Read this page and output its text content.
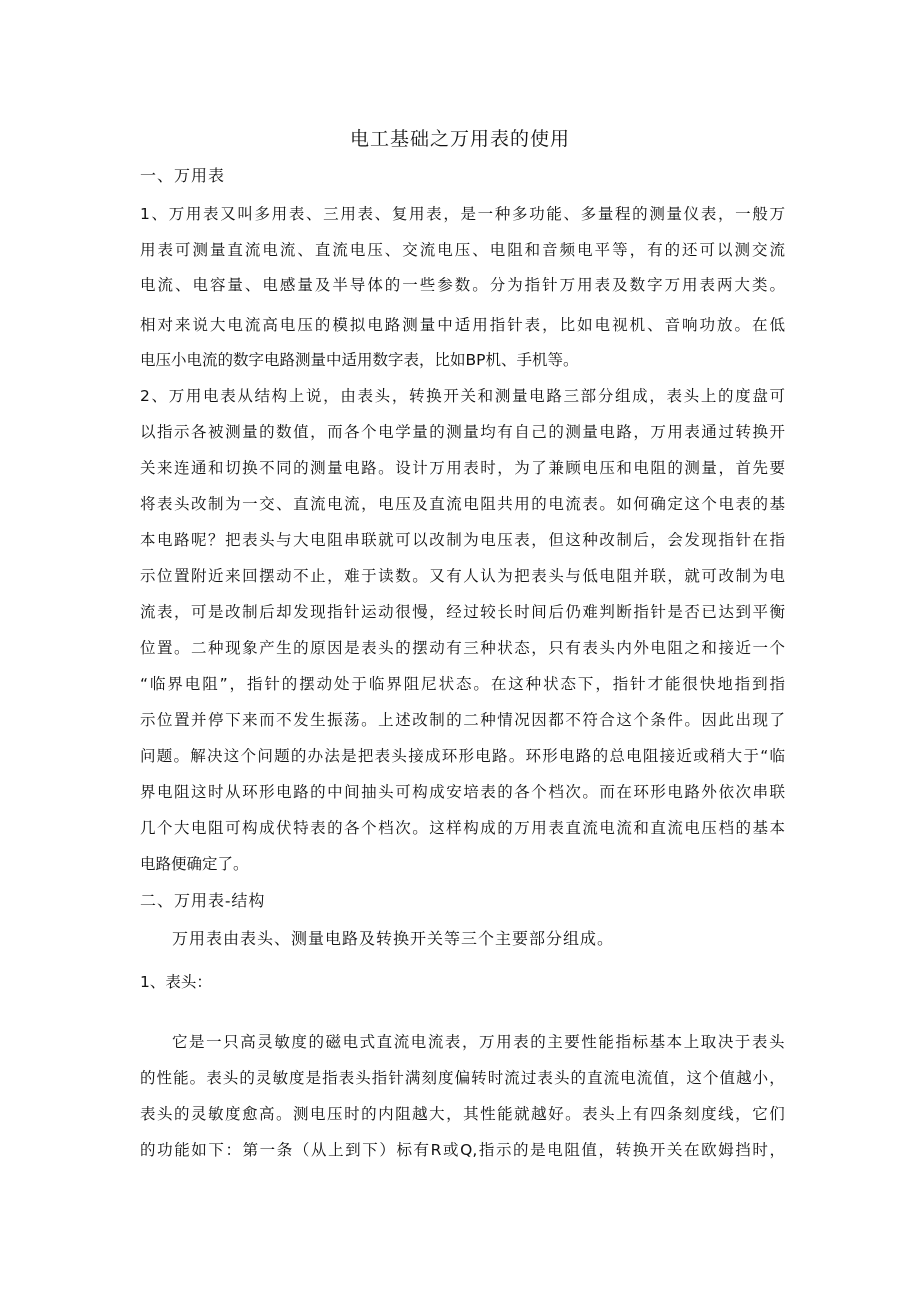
电工基础之万用表的使用
一、万用表
1、万用表又叫多用表、三用表、复用表，是一种多功能、多量程的测量仪表，一般万
用表可测量直流电流、直流电压、交流电压、电阻和音频电平等，有的还可以测交流
电流、电容量、电感量及半导体的一些参数。分为指针万用表及数字万用表两大类。
相对来说大电流高电压的模拟电路测量中适用指针表，比如电视机、音响功放。在低
电压小电流的数字电路测量中适用数字表，比如BP机、手机等。
2、万用电表从结构上说，由表头，转换开关和测量电路三部分组成，表头上的度盘可
以指示各被测量的数值，而各个电学量的测量均有自己的测量电路，万用表通过转换开
关来连通和切换不同的测量电路。设计万用表时，为了兼顾电压和电阻的测量，首先要
将表头改制为一交、直流电流，电压及直流电阻共用的电流表。如何确定这个电表的基
本电路呢？把表头与大电阻串联就可以改制为电压表，但这种改制后，会发现指针在指
示位置附近来回摆动不止，难于读数。又有人认为把表头与低电阻并联，就可改制为电
流表，可是改制后却发现指针运动很慢，经过较长时间后仍难判断指针是否已达到平衡
位置。二种现象产生的原因是表头的摆动有三种状态，只有表头内外电阻之和接近一个
“临界电阻”，指针的摆动处于临界阻尼状态。在这种状态下，指针才能很快地指到指
示位置并停下来而不发生振荡。上述改制的二种情况因都不符合这个条件。因此出现了
问题。解决这个问题的办法是把表头接成环形电路。环形电路的总电阻接近或稍大于“临
界电阻这时从环形电路的中间抽头可构成安培表的各个档次。而在环形电路外依次串联
几个大电阻可构成伏特表的各个档次。这样构成的万用表直流电流和直流电压档的基本
电路便确定了。
二、万用表-结构
万用表由表头、测量电路及转换开关等三个主要部分组成。
1、表头：
它是一只高灵敏度的磁电式直流电流表，万用表的主要性能指标基本上取决于表头
的性能。表头的灵敏度是指表头指针满刻度偏转时流过表头的直流电流值，这个值越小，
表头的灵敏度愈高。测电压时的内阻越大，其性能就越好。表头上有四条刻度线，它们
的功能如下：第一条（从上到下）标有R或Q,指示的是电阻值，转换开关在欧姆挡时，
